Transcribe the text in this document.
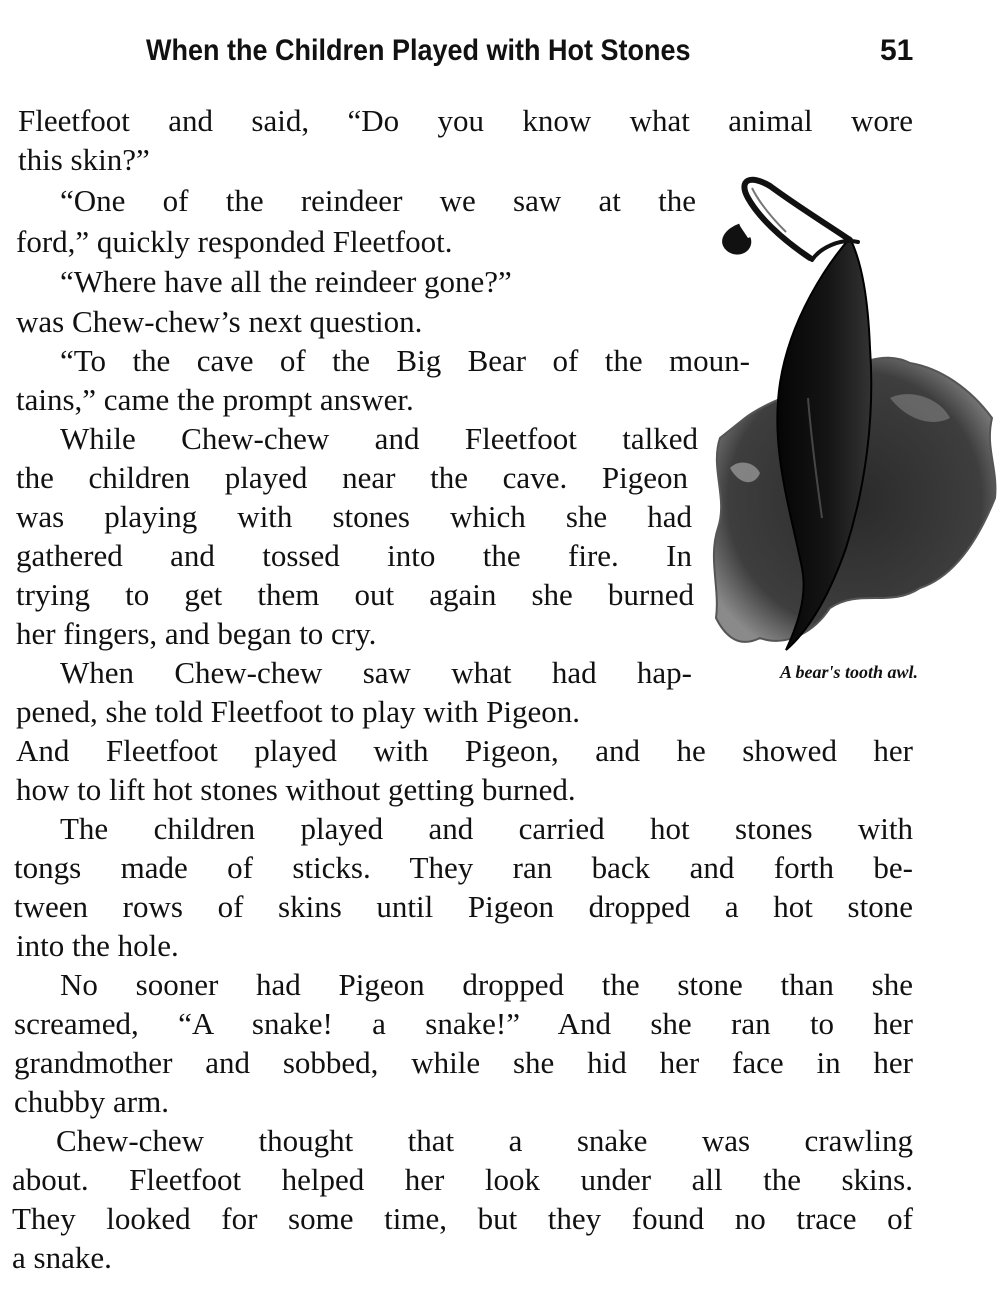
When the Children Played with Hot Stones	51

Fleetfoot and said, “Do you know what animal wore

this skin?”

“One of the reindeer we saw at the

ford,” quickly responded Fleetfoot.

“Where have all the reindeer gone?”

was Chew-chew’s next question.

“To the cave of the Big Bear of the moun-

tains,” came the prompt answer.

While Chew-chew and Fleetfoot talked

the children played near the cave. Pigeon

was playing with stones which she had

gathered and tossed into the fire. In

trying to get them out again she burned

her fingers, and began to cry.

When Chew-chew saw what had hap-

pened, she told Fleetfoot to play with Pigeon.

And Fleetfoot played with Pigeon, and he showed her

how to lift hot stones without getting burned.

The children played and carried hot stones with

tongs made of sticks. They ran back and forth be-

tween rows of skins until Pigeon dropped a hot stone

into the hole.

No sooner had Pigeon dropped the stone than she

screamed, “A snake! a snake!” And she ran to her

grandmother and sobbed, while she hid her face in her

chubby arm.

Chew-chew thought that a snake was crawling

about. Fleetfoot helped her look under all the skins.

They looked for some time, but they found no trace of

a snake.

A bear's tooth awl.
